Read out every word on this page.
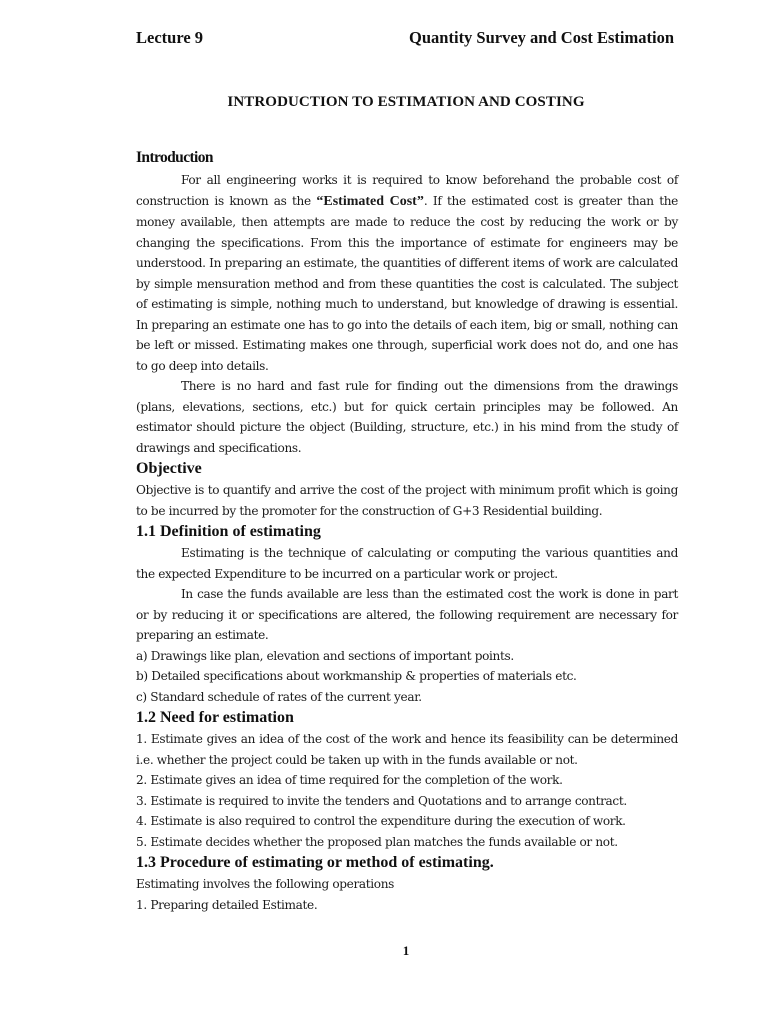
Lecture 9	Quantity Survey and Cost Estimation
INTRODUCTION TO ESTIMATION AND COSTING
Introduction

For all engineering works it is required to know beforehand the probable cost of construction is known as the “Estimated Cost”. If the estimated cost is greater than the money available, then attempts are made to reduce the cost by reducing the work or by changing the specifications. From this the importance of estimate for engineers may be understood. In preparing an estimate, the quantities of different items of work are calculated by simple mensuration method and from these quantities the cost is calculated. The subject of estimating is simple, nothing much to understand, but knowledge of drawing is essential. In preparing an estimate one has to go into the details of each item, big or small, nothing can be left or missed. Estimating makes one through, superficial work does not do, and one has to go deep into details.

There is no hard and fast rule for finding out the dimensions from the drawings (plans, elevations, sections, etc.) but for quick certain principles may be followed. An estimator should picture the object (Building, structure, etc.) in his mind from the study of drawings and specifications.

Objective

Objective is to quantify and arrive the cost of the project with minimum profit which is going to be incurred by the promoter for the construction of G+3 Residential building.

1.1 Definition of estimating

Estimating is the technique of calculating or computing the various quantities and the expected Expenditure to be incurred on a particular work or project.

In case the funds available are less than the estimated cost the work is done in part or by reducing it or specifications are altered, the following requirement are necessary for preparing an estimate.

a) Drawings like plan, elevation and sections of important points.
b) Detailed specifications about workmanship & properties of materials etc.
c) Standard schedule of rates of the current year.
1.2 Need for estimation

1. Estimate gives an idea of the cost of the work and hence its feasibility can be determined i.e. whether the project could be taken up with in the funds available or not.

2. Estimate gives an idea of time required for the completion of the work.
3. Estimate is required to invite the tenders and Quotations and to arrange contract.
4. Estimate is also required to control the expenditure during the execution of work.
5. Estimate decides whether the proposed plan matches the funds available or not.
1.3 Procedure of estimating or method of estimating.
Estimating involves the following operations
1. Preparing detailed Estimate.
1
